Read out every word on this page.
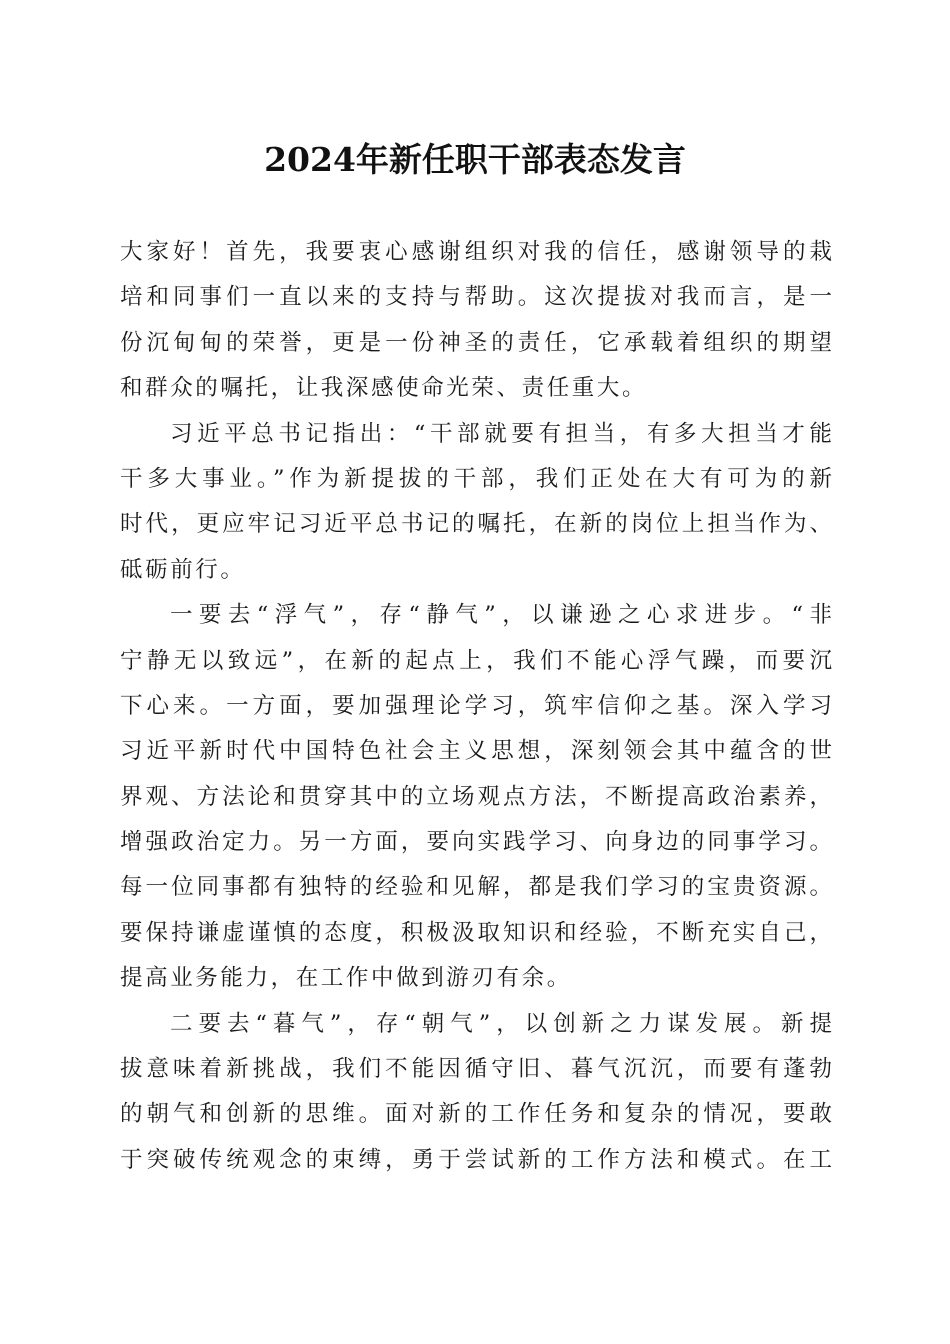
2024年新任职干部表态发言
大家好！首先，我要衷心感谢组织对我的信任，感谢领导的栽
培和同事们一直以来的支持与帮助。这次提拔对我而言，是一
份沉甸甸的荣誉，更是一份神圣的责任，它承载着组织的期望
和群众的嘱托，让我深感使命光荣、责任重大。
习近平总书记指出：“干部就要有担当，有多大担当才能
干多大事业。”作为新提拔的干部，我们正处在大有可为的新
时代，更应牢记习近平总书记的嘱托，在新的岗位上担当作为、
砥砺前行。
一要去“浮气”，存“静气”，以谦逊之心求进步。“非
宁静无以致远”，在新的起点上，我们不能心浮气躁，而要沉
下心来。一方面，要加强理论学习，筑牢信仰之基。深入学习
习近平新时代中国特色社会主义思想，深刻领会其中蕴含的世
界观、方法论和贯穿其中的立场观点方法，不断提高政治素养，
增强政治定力。另一方面，要向实践学习、向身边的同事学习。
每一位同事都有独特的经验和见解，都是我们学习的宝贵资源。
要保持谦虚谨慎的态度，积极汲取知识和经验，不断充实自己，
提高业务能力，在工作中做到游刃有余。
二要去“暮气”，存“朝气”，以创新之力谋发展。新提
拔意味着新挑战，我们不能因循守旧、暮气沉沉，而要有蓬勃
的朝气和创新的思维。面对新的工作任务和复杂的情况，要敢
于突破传统观念的束缚，勇于尝试新的工作方法和模式。在工
